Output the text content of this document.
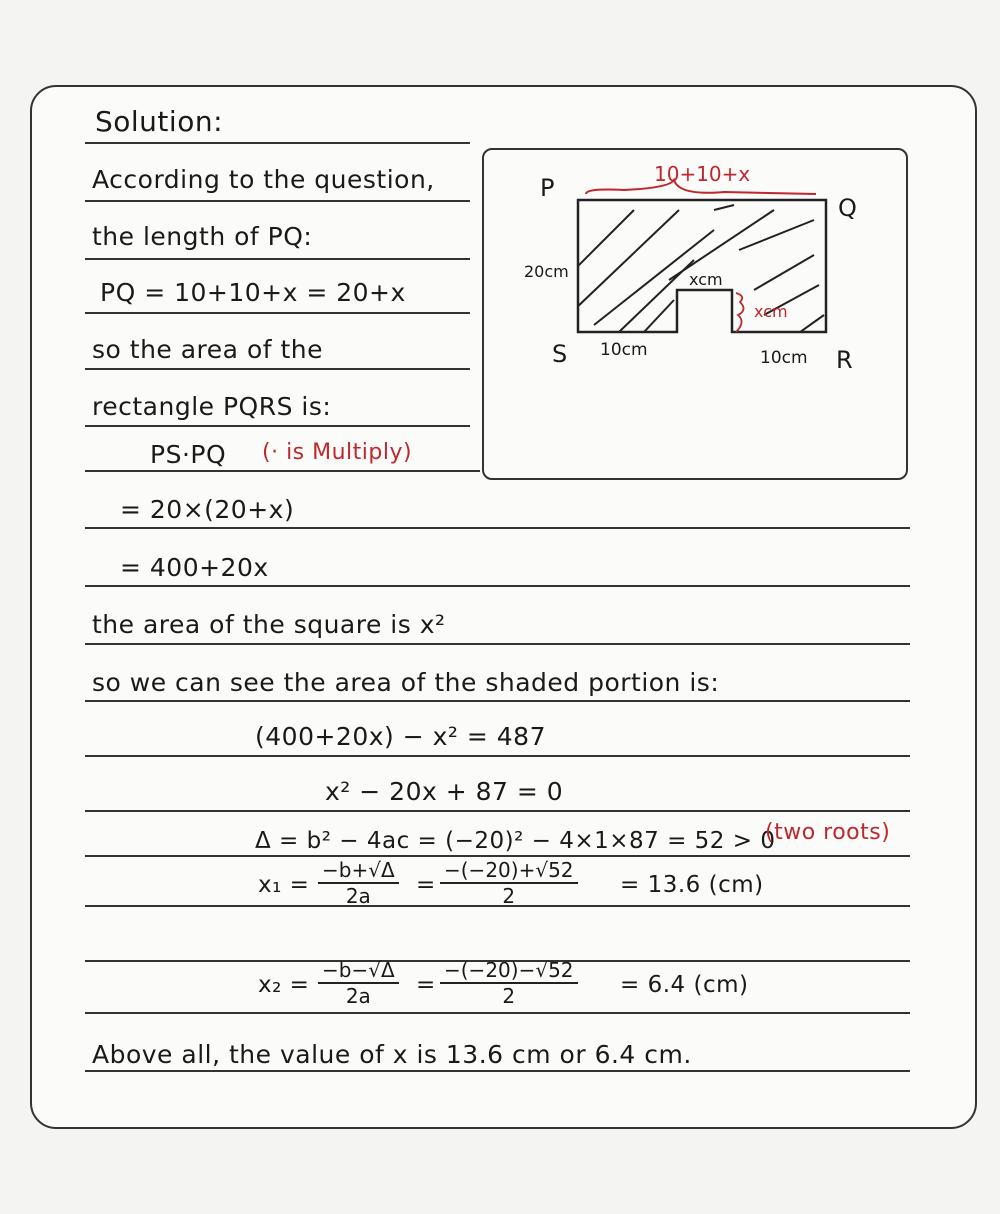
Solution:
According to the question,
the length of PQ:
PQ = 10+10+x = 20+x
so the area of the
rectangle PQRS is:
PS·PQ (· is Multiply)
= 20×(20+x)
= 400+20x
the area of the square is x²
so we can see the area of the shaded portion is:
(400+20x) − x² = 487
x² − 20x + 87 = 0
Δ = b² − 4ac = (−20)² − 4×1×87 = 52 > 0
(two roots)
$x_1 = \frac{-b+√\Delta}{2a} = \frac{-(-20)+√52}{2} = 13.6$ (cm)
$x_2 = \frac{-b-√\Delta}{2a} = \frac{-(-20)-√52}{2} = 6.4$ (cm)
Above all, the value of x is 13.6 cm or 6.4 cm.
10+10+x
P
Q
R
S
20cm
10cm	10cm
xcm
xcm
